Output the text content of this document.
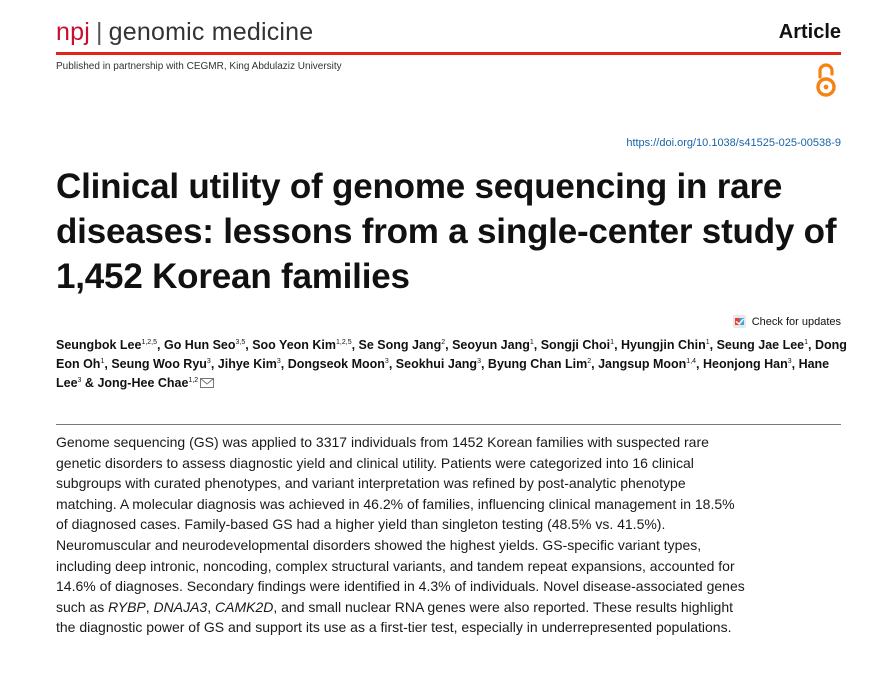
npj | genomic medicine	Article
Published in partnership with CEGMR, King Abdulaziz University
https://doi.org/10.1038/s41525-025-00538-9
Clinical utility of genome sequencing in rare diseases: lessons from a single-center study of 1,452 Korean families
Check for updates

Seungbok Lee$^{1,2,5}$, Go Hun Seo$^{3,5}$, Soo Yeon Kim$^{1,2,5}$, Se Song Jang$^2$, Seoyun Jang$^1$, Songji Choi$^1$, Hyungjin Chin$^1$, Seung Jae Lee$^1$, Dong Eon Oh$^1$, Seung Woo Ryu$^3$, Jihye Kim$^3$, Dongseok Moon$^3$, Seokhui Jang$^3$, Byung Chan Lim$^2$, Jangsup Moon$^{1,4}$, Heonjong Han$^3$, Hane Lee$^3$ & Jong-Hee Chae$^{1,2}$

Genome sequencing (GS) was applied to 3317 individuals from 1452 Korean families with suspected rare genetic disorders to assess diagnostic yield and clinical utility. Patients were categorized into 16 clinical subgroups with curated phenotypes, and variant interpretation was refined by post-analytic phenotype matching. A molecular diagnosis was achieved in 46.2% of families, influencing clinical management in 18.5% of diagnosed cases. Family-based GS had a higher yield than singleton testing (48.5% vs. 41.5%). Neuromuscular and neurodevelopmental disorders showed the highest yields. GS-specific variant types, including deep intronic, noncoding, complex structural variants, and tandem repeat expansions, accounted for 14.6% of diagnoses. Secondary findings were identified in 4.3% of individuals. Novel disease-associated genes such as RYBP, DNAJA3, CAMK2D, and small nuclear RNA genes were also reported. These results highlight the diagnostic power of GS and support its use as a first-tier test, especially in underrepresented populations.
